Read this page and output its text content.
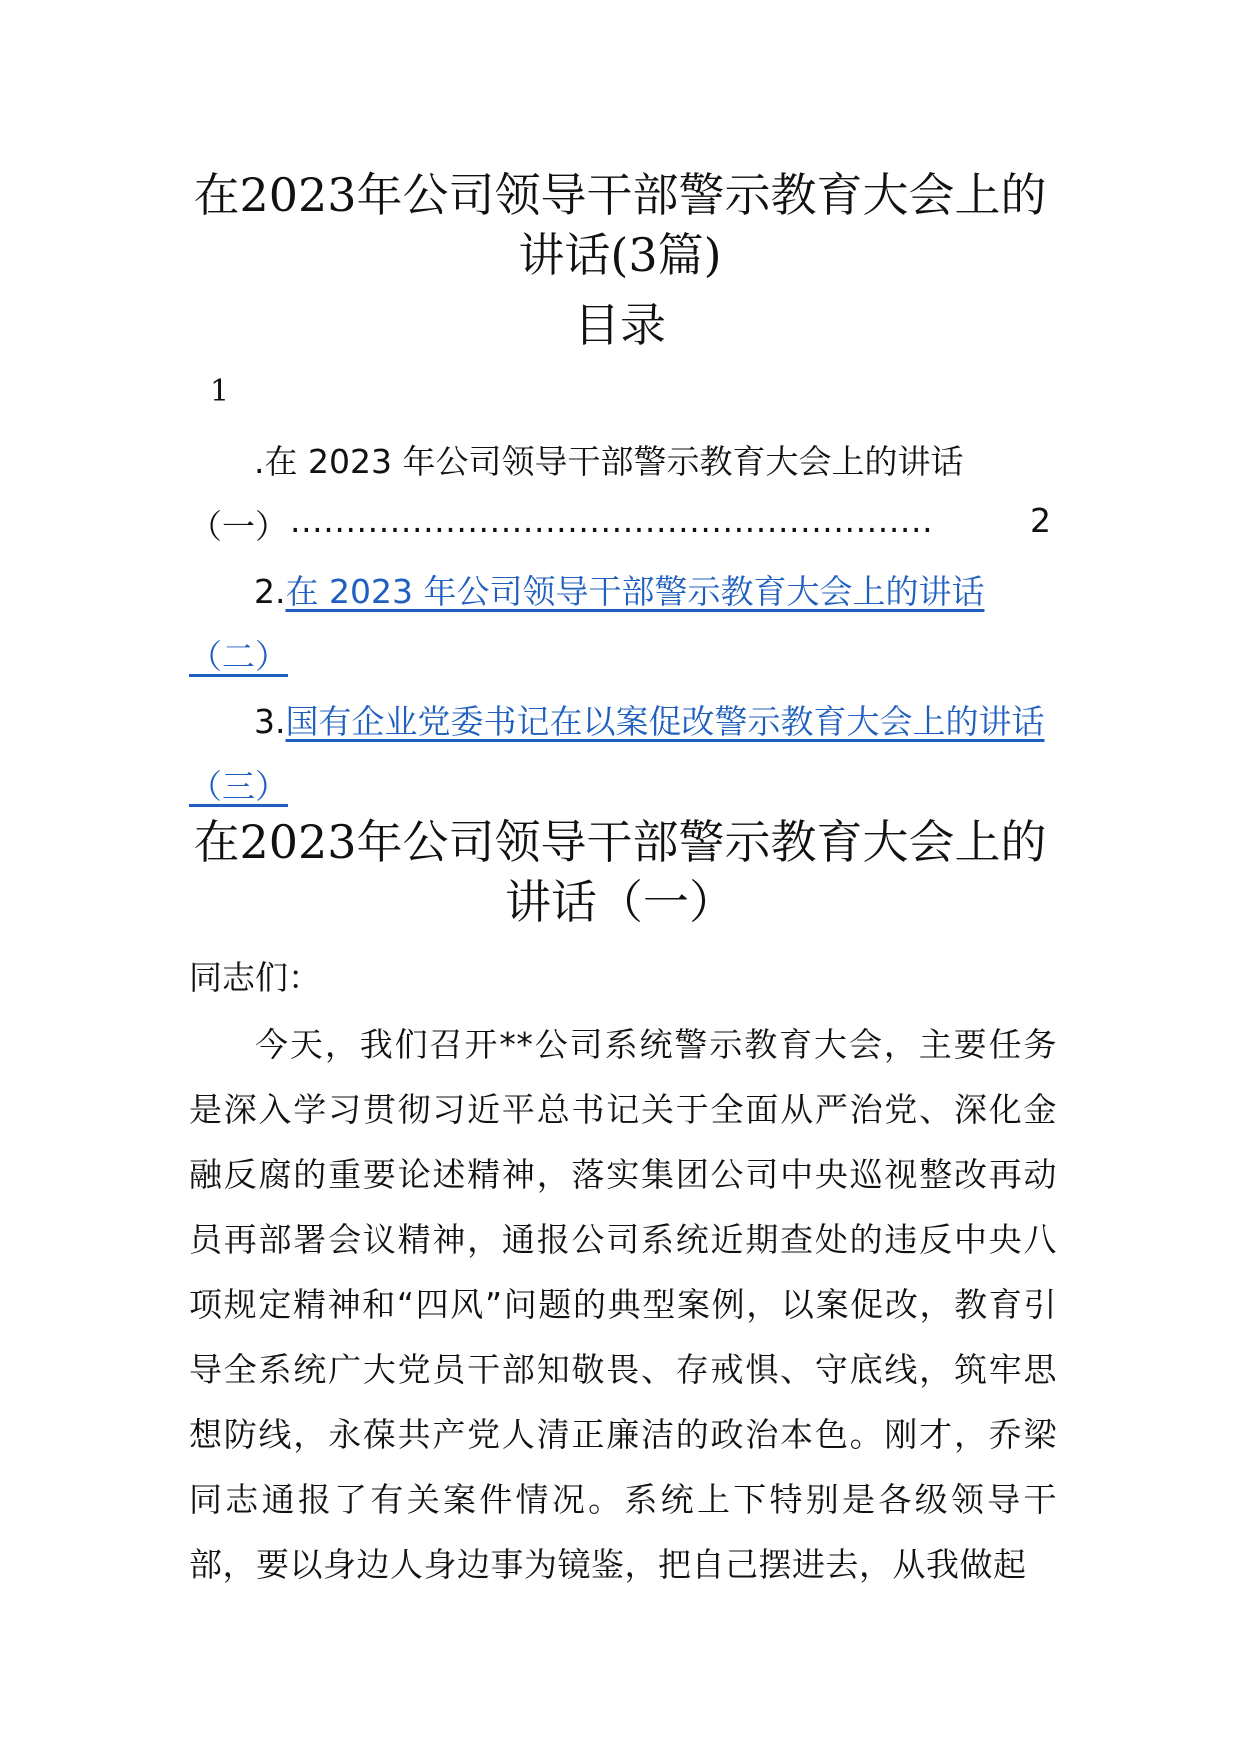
在2023年公司领导干部警示教育大会上的
讲话(3篇)
目录
1
.在 2023 年公司领导干部警示教育大会上的讲话
（一） ..........................................................	2
2.在 2023 年公司领导干部警示教育大会上的讲话
（二）
3.国有企业党委书记在以案促改警示教育大会上的讲话
（三）
在2023年公司领导干部警示教育大会上的
讲话（一）
同志们：

今天，我们召开**公司系统警示教育大会，主要任务是深入学习贯彻习近平总书记关于全面从严治党、深化金融反腐的重要论述精神，落实集团公司中央巡视整改再动员再部署会议精神，通报公司系统近期查处的违反中央八项规定精神和“四风”问题的典型案例，以案促改，教育引导全系统广大党员干部知敬畏、存戒惧、守底线，筑牢思想防线，永葆共产党人清正廉洁的政治本色。刚才，乔梁同志通报了有关案件情况。系统上下特别是各级领导干部，要以身边人身边事为镜鉴，把自己摆进去，从我做起
